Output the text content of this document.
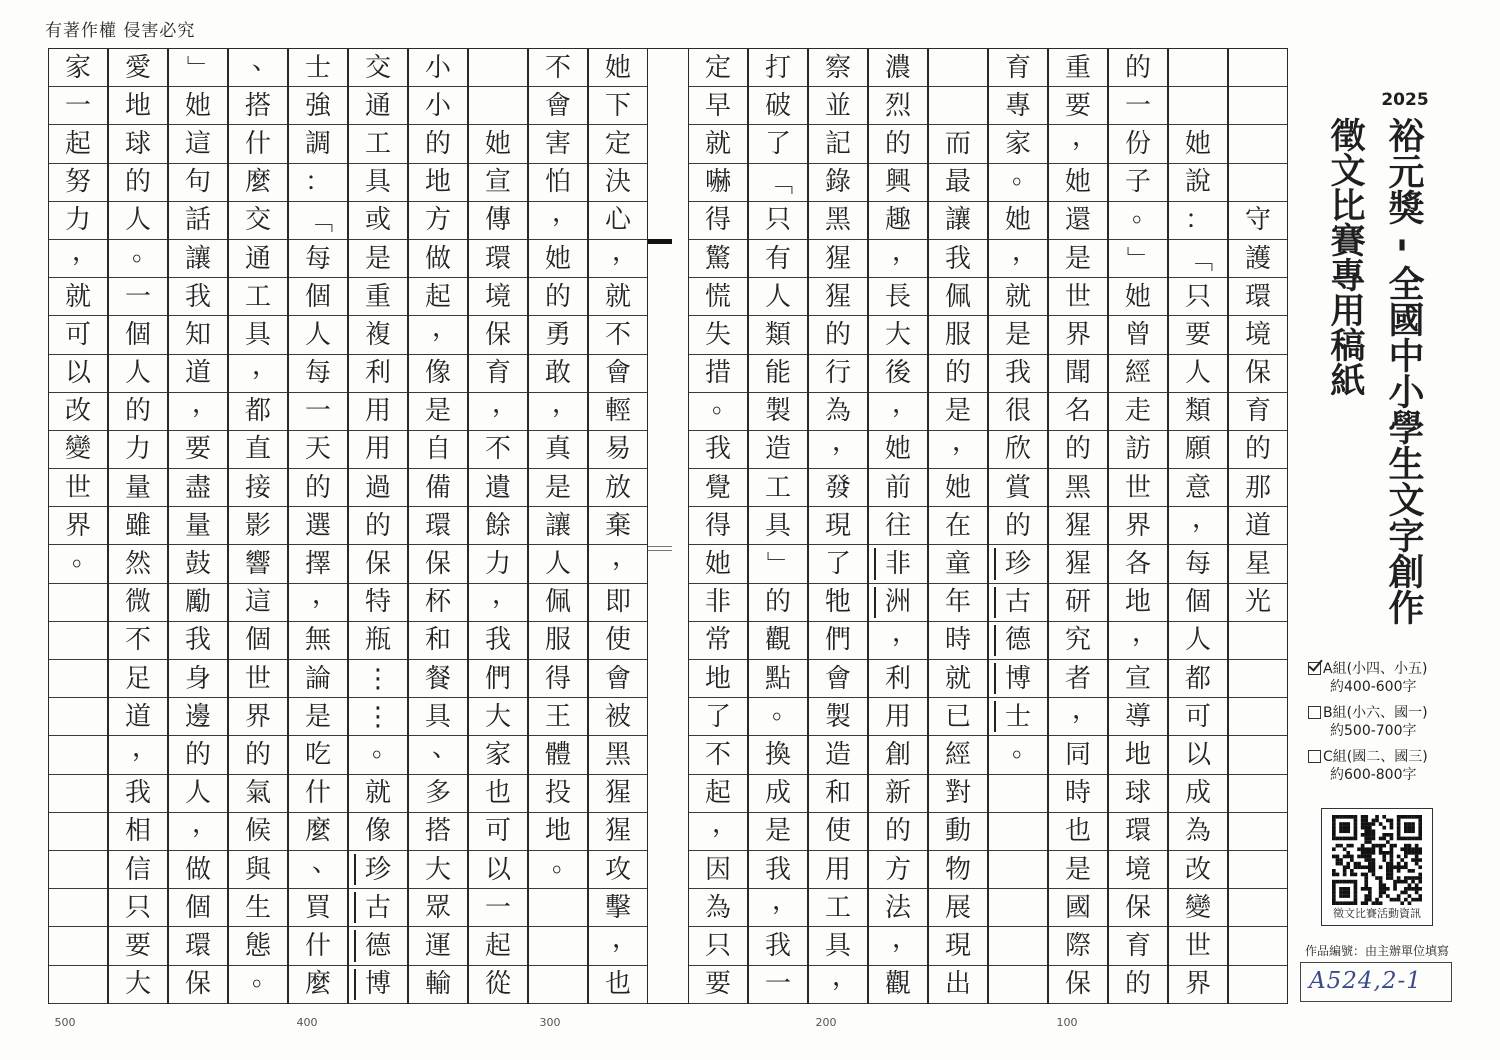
有著作權 侵害必究

守
護
環
境
保
育
的
那
道
星
光

她
說
：
「
只
要
人
類
願
意
，
每
個
人
都
可
以
成
為
改
變
世
界
的
一
份
子
。
」
她
曾
經
走
訪
世
界
各
地
，
宣
導
地
球
環
境
保
育
的
重
要
，
她
還
是
世
界
聞
名
的
黑
猩
猩
研
究
者
，
同
時
也
是
國
際
保
育
專
家
。
她
，
就
是
我
很
欣
賞
的
珍
古
德
博
士
。

而
最
讓
我
佩
服
的
是
，
她
在
童
年
時
就
已
經
對
動
物
展
現
出
濃
烈
的
興
趣
，
長
大
後
，
她
前
往
非
洲
，
利
用
創
新
的
方
法
，
觀
察
並
記
錄
黑
猩
猩
的
行
為
，
發
現
了
牠
們
會
製
造
和
使
用
工
具
，
打
破
了
「
只
有
人
類
能
製
造
工
具
」
的
觀
點
。
換
成
是
我
，
我
一
定
早
就
嚇
得
驚
慌
失
措
。
我
覺
得
她
非
常
地
了
不
起
，
因
為
只
要
她
下
定
決
心
，
就
不
會
輕
易
放
棄
，
即
使
會
被
黑
猩
猩
攻
擊
，
也
不
會
害
怕
，
她
的
勇
敢
，
真
是
讓
人
佩
服
得
王
體
投
地
。

她
宣
傳
環
境
保
育
，
不
遺
餘
力
，
我
們
大
家
也
可
以
一
起
從
小
小
的
地
方
做
起
，
像
是
自
備
環
保
杯
和
餐
具
、
多
搭
大
眾
運
輸
交
通
工
具
或
是
重
複
利
用
用
過
的
保
特
瓶
⋮
⋮
。
就
像
珍
古
德
博
士
強
調
：
「
每
個
人
每
一
天
的
選
擇
，
無
論
是
吃
什
麼
、
買
什
麼
、
搭
什
麼
交
通
工
具
，
都
直
接
影
響
這
個
世
界
的
氣
候
與
生
態
。
」
她
這
句
話
讓
我
知
道
，
要
盡
量
鼓
勵
我
身
邊
的
人
，
做
個
環
保
愛
地
球
的
人
。
一
個
人
的
力
量
雖
然
微
不
足
道
，
我
相
信
只
要
大
家
一
起
努
力
，
就
可
以
改
變
世
界
。

500	400	300	200	100
2025
裕元獎 - 全國中小學生文字創作
徵文比賽專用稿紙
A組(小四、小五)
約400-600字
B組(小六、國一)
約500-700字
C組(國二、國三)
約600-800字
徵文比賽活動資訊
作品編號：由主辦單位填寫
A524,2-1
